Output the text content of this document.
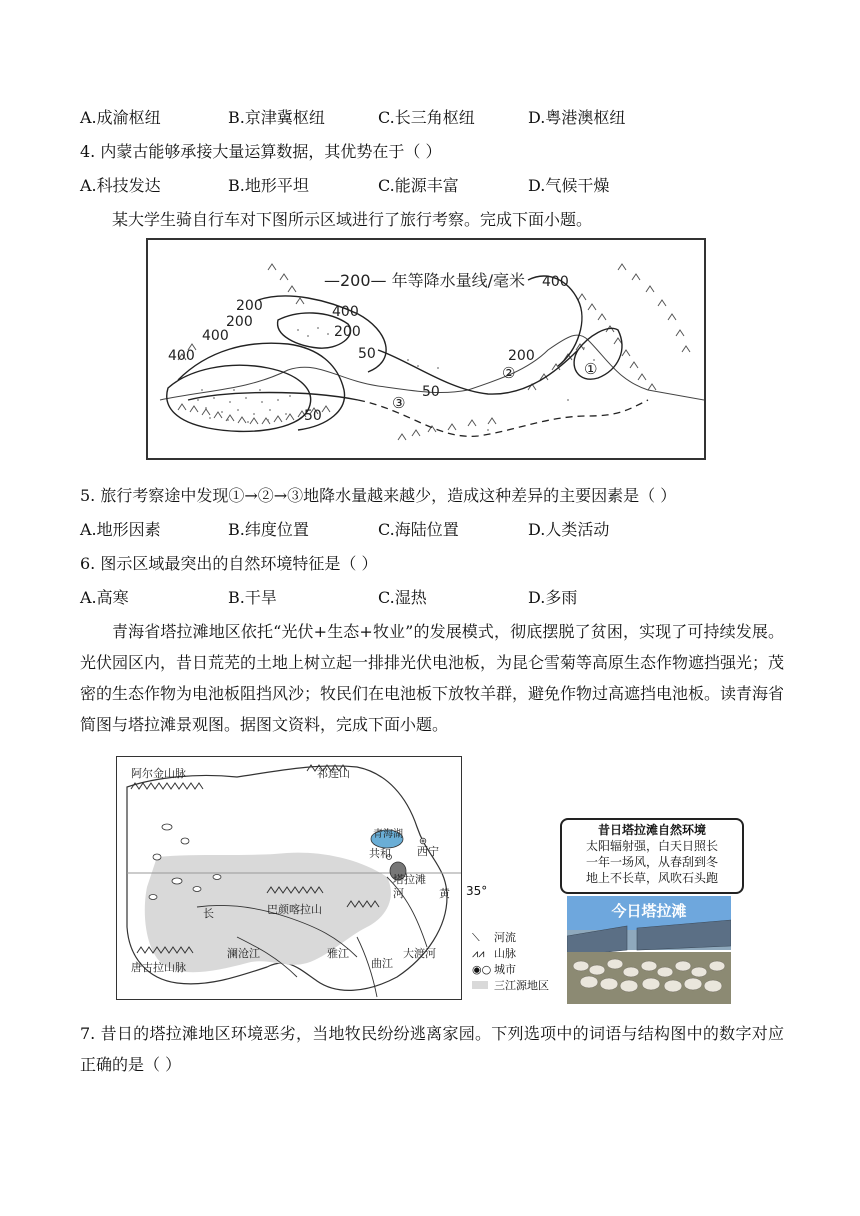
A.成渝枢纽	B.京津冀枢纽	C.长三角枢纽	D.粤港澳枢纽
4. 内蒙古能够承接大量运算数据，其优势在于（ ）
A.科技发达	B.地形平坦	C.能源丰富	D.气候干燥
某大学生骑自行车对下图所示区域进行了旅行考察。完成下面小题。
—200— 年等降水量线/毫米 400
200
200
400
400	200
50
400	200
50
50
①
②
③
5. 旅行考察途中发现①→②→③地降水量越来越少，造成这种差异的主要因素是（ ）
A.地形因素	B.纬度位置	C.海陆位置	D.人类活动
6. 图示区域最突出的自然环境特征是（ ）
A.高寒	B.干旱	C.湿热	D.多雨
青海省塔拉滩地区依托“光伏+生态+牧业”的发展模式，彻底摆脱了贫困，实现了可持续发展。光伏园区内，昔日荒芜的土地上树立起一排排光伏电池板，为昆仑雪菊等高原生态作物遮挡强光；茂密的生态作物为电池板阻挡风沙；牧民们在电池板下放牧羊群，避免作物过高遮挡电池板。读青海省简图与塔拉滩景观图。据图文资料，完成下面小题。
阿尔金山脉	祁连山
青海湖
共和 西宁
塔拉滩
黄
河
巴颜喀拉山
长
澜沧江	雅江
曲江
大渡河
唐古拉山脉
35°
⟍ 河流
⩘⩘ 山脉
◉○ 城市
三江源地区
昔日塔拉滩自然环境
太阳辐射强，白天日照长
一年一场风，从春刮到冬
地上不长草，风吹石头跑
今日塔拉滩
7. 昔日的塔拉滩地区环境恶劣，当地牧民纷纷逃离家园。下列选项中的词语与结构图中的数字对应正确的是（ ）
